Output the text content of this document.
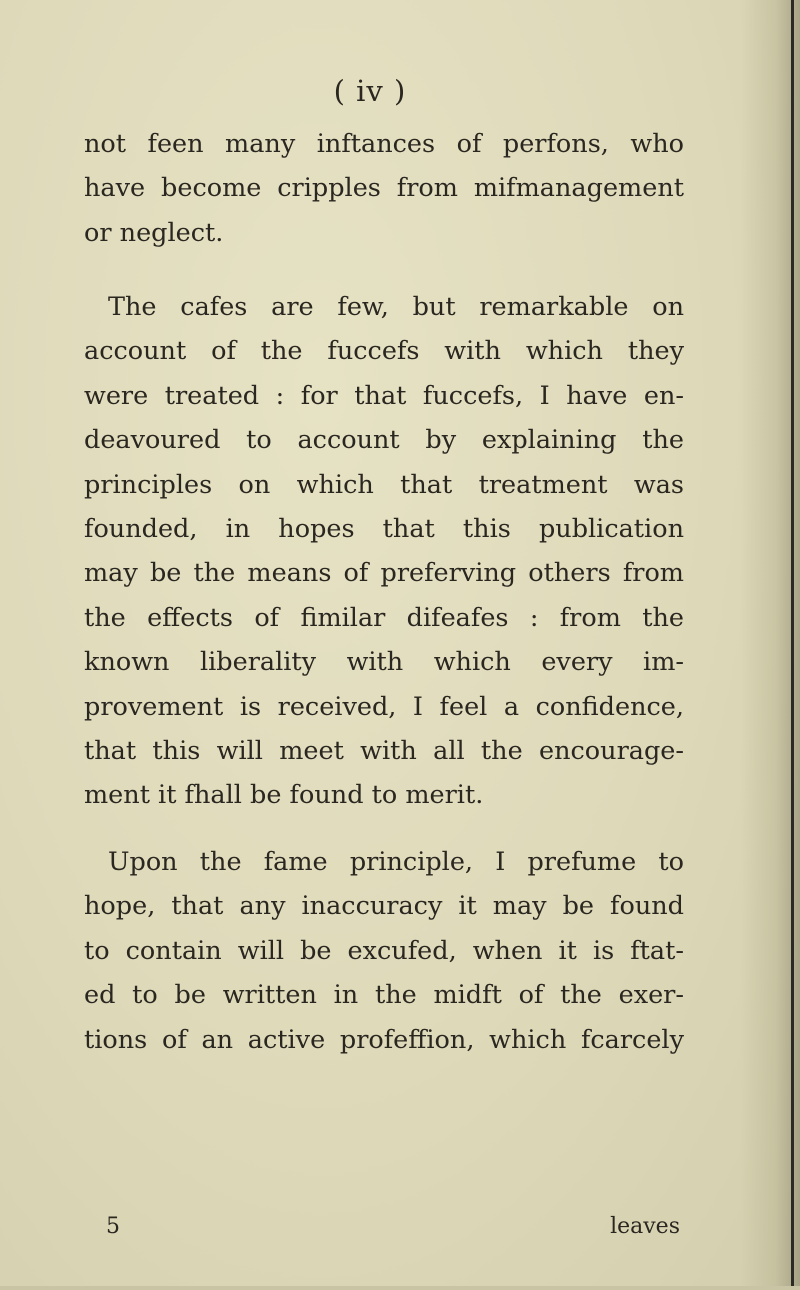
( iv )
not feen many inftances of perfons, who
have become cripples from mifmanagement
or neglect.
The cafes are few, but remarkable on
account of the fuccefs with which they
were treated : for that fuccefs, I have en-
deavoured to account by explaining the
principles on which that treatment was
founded, in hopes that this publication
may be the means of preferving others from
the effects of fimilar difeafes : from the
known liberality with which every im-
provement is received, I feel a confidence,
that this will meet with all the encourage-
ment it fhall be found to merit.
Upon the fame principle, I prefume to
hope, that any inaccuracy it may be found
to contain will be excufed, when it is ftat-
ed to be written in the midft of the exer-
tions of an active profeffion, which fcarcely
5	leaves
